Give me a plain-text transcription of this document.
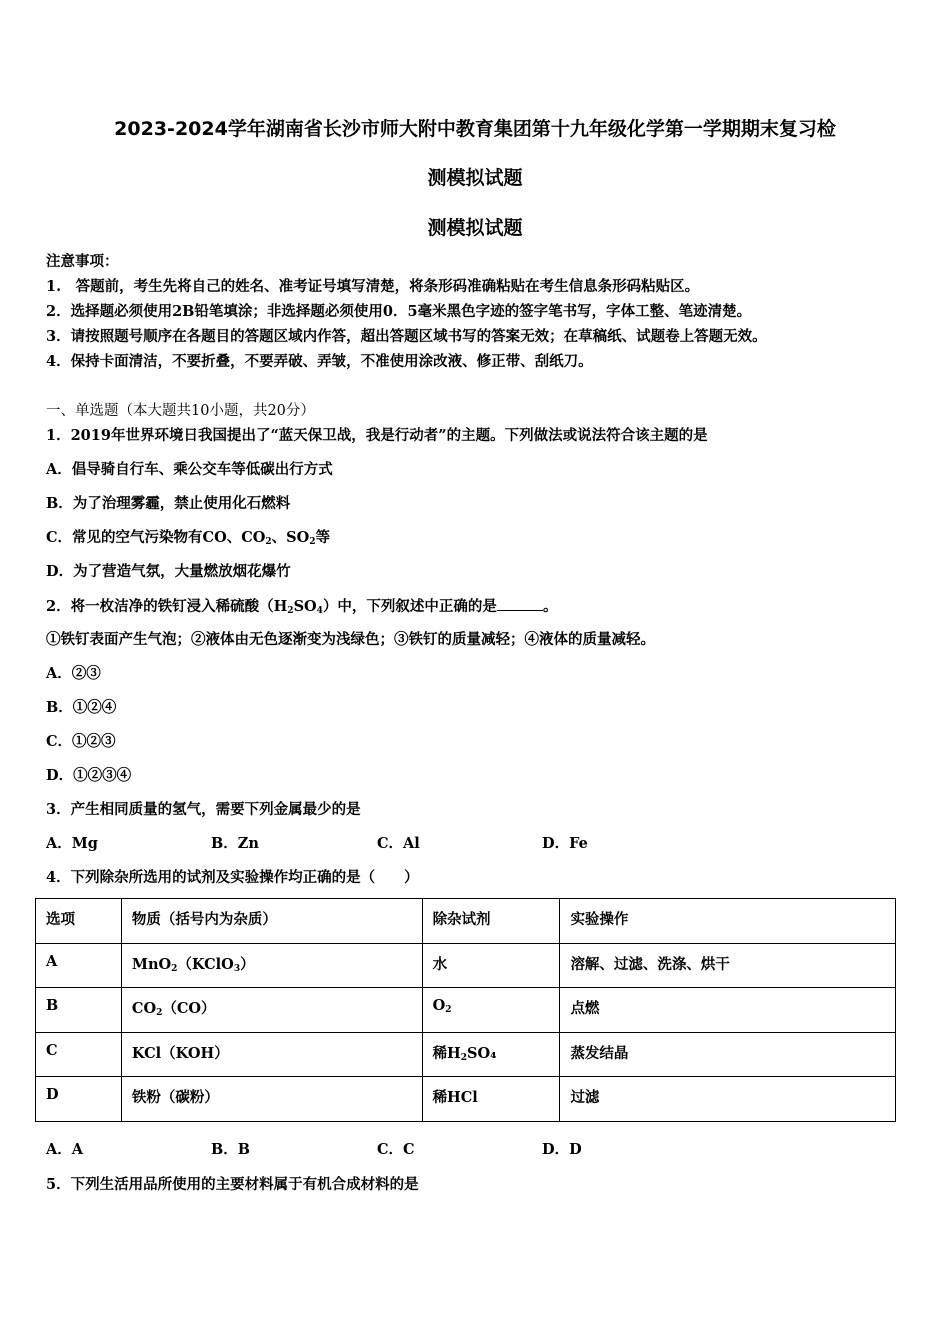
2023-2024学年湖南省长沙市师大附中教育集团第十九年级化学第一学期期末复习检
测模拟试题
测模拟试题
注意事项：
1.　答题前，考生先将自己的姓名、准考证号填写清楚，将条形码准确粘贴在考生信息条形码粘贴区。
2．选择题必须使用2B铅笔填涂；非选择题必须使用0．5毫米黑色字迹的签字笔书写，字体工整、笔迹清楚。
3．请按照题号顺序在各题目的答题区域内作答，超出答题区域书写的答案无效；在草稿纸、试题卷上答题无效。
4．保持卡面清洁，不要折叠，不要弄破、弄皱，不准使用涂改液、修正带、刮纸刀。
一、单选题（本大题共10小题，共20分）
1．2019年世界环境日我国提出了“蓝天保卫战，我是行动者”的主题。下列做法或说法符合该主题的是
A．倡导骑自行车、乘公交车等低碳出行方式
B．为了治理雾霾，禁止使用化石燃料
C．常见的空气污染物有CO、$CO_2$、$SO_2$等
D．为了营造气氛，大量燃放烟花爆竹
2．将一枚洁净的铁钉浸入稀硫酸$(H_2SO_4)$中，下列叙述中正确的是	。
①铁钉表面产生气泡；②液体由无色逐渐变为浅绿色；③铁钉的质量减轻；④液体的质量减轻。
A．②③
B．①②④
C．①②③
D．①②③④
3．产生相同质量的氢气，需要下列金属最少的是
A．Mg	B．Zn	C．Al	D．Fe
4．下列除杂所选用的试剂及实验操作均正确的是（　　）
选项	物质（括号内为杂质）	除杂试剂	实验操作
A	MnO$_2$（KClO$_3$）	水	溶解、过滤、洗涤、烘干
B	$CO_2(CO)$	$O_2$	点燃
C	KCl（KOH）	稀$H_2SO_4$	蒸发结晶
D	铁粉（碳粉）	稀HCl	过滤
A．A	B．B	C．C	D．D
5．下列生活用品所使用的主要材料属于有机合成材料的是
